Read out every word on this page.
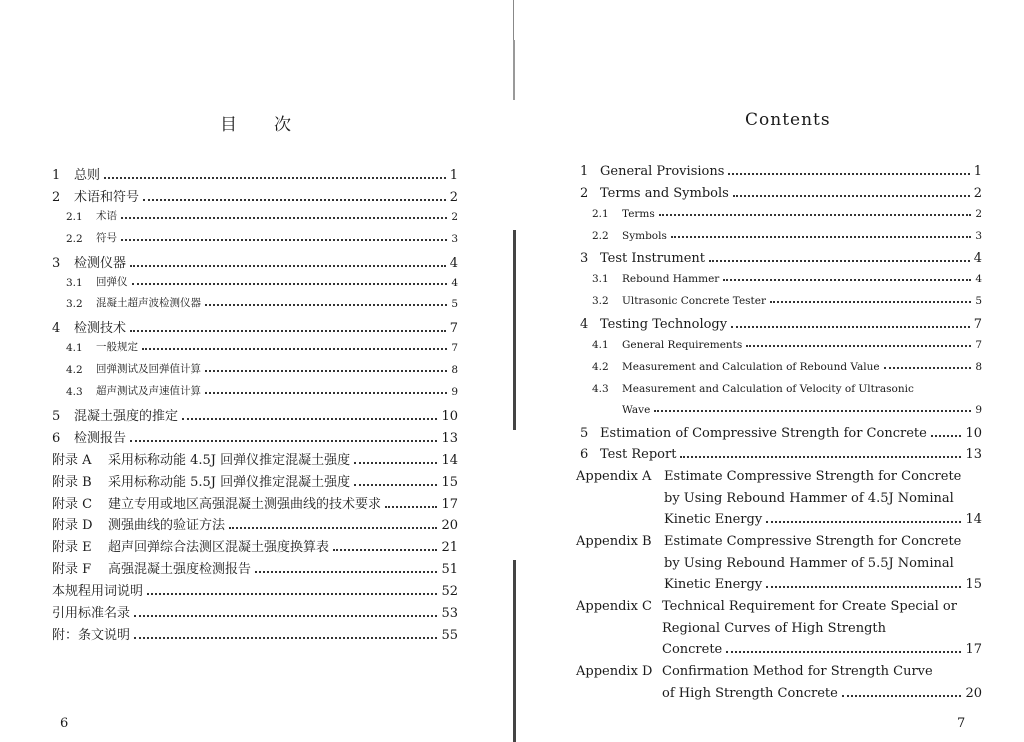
目　　次
1	总则	1
2	术语和符号	2
2.1	术语	2
2.2	符号	3
3	检测仪器	4
3.1	回弹仪	4
3.2	混凝土超声波检测仪器	5
4	检测技术	7
4.1	一般规定	7
4.2	回弹测试及回弹值计算	8
4.3	超声测试及声速值计算	9
5	混凝土强度的推定	10
6	检测报告	13
附录 A	采用标称动能 4.5J 回弹仪推定混凝土强度	14
附录 B	采用标称动能 5.5J 回弹仪推定混凝土强度	15
附录 C	建立专用或地区高强混凝土测强曲线的技术要求	17
附录 D	测强曲线的验证方法	20
附录 E	超声回弹综合法测区混凝土强度换算表	21
附录 F	高强混凝土强度检测报告	51
本规程用词说明	52
引用标准名录	53
附：条文说明	55
6
Contents
1 General Provisions	1
2 Terms and Symbols	2
2.1	Terms	2
2.2	Symbols	3
3 Test Instrument	4
3.1	Rebound Hammer	4
3.2	Ultrasonic Concrete Tester	5
4 Testing Technology	7
4.1	General Requirements	7
4.2	Measurement and Calculation of Rebound Value	8
4.3	Measurement and Calculation of Velocity of Ultrasonic
Wave	9
5 Estimation of Compressive Strength for Concrete	10
6 Test Report	13
Appendix A Estimate Compressive Strength for Concrete
by Using Rebound Hammer of 4.5J Nominal
Kinetic Energy	14
Appendix B Estimate Compressive Strength for Concrete
by Using Rebound Hammer of 5.5J Nominal
Kinetic Energy	15
Appendix C Technical Requirement for Create Special or
Regional Curves of High Strength
Concrete	17
Appendix D Confirmation Method for Strength Curve
of High Strength Concrete	20
7
